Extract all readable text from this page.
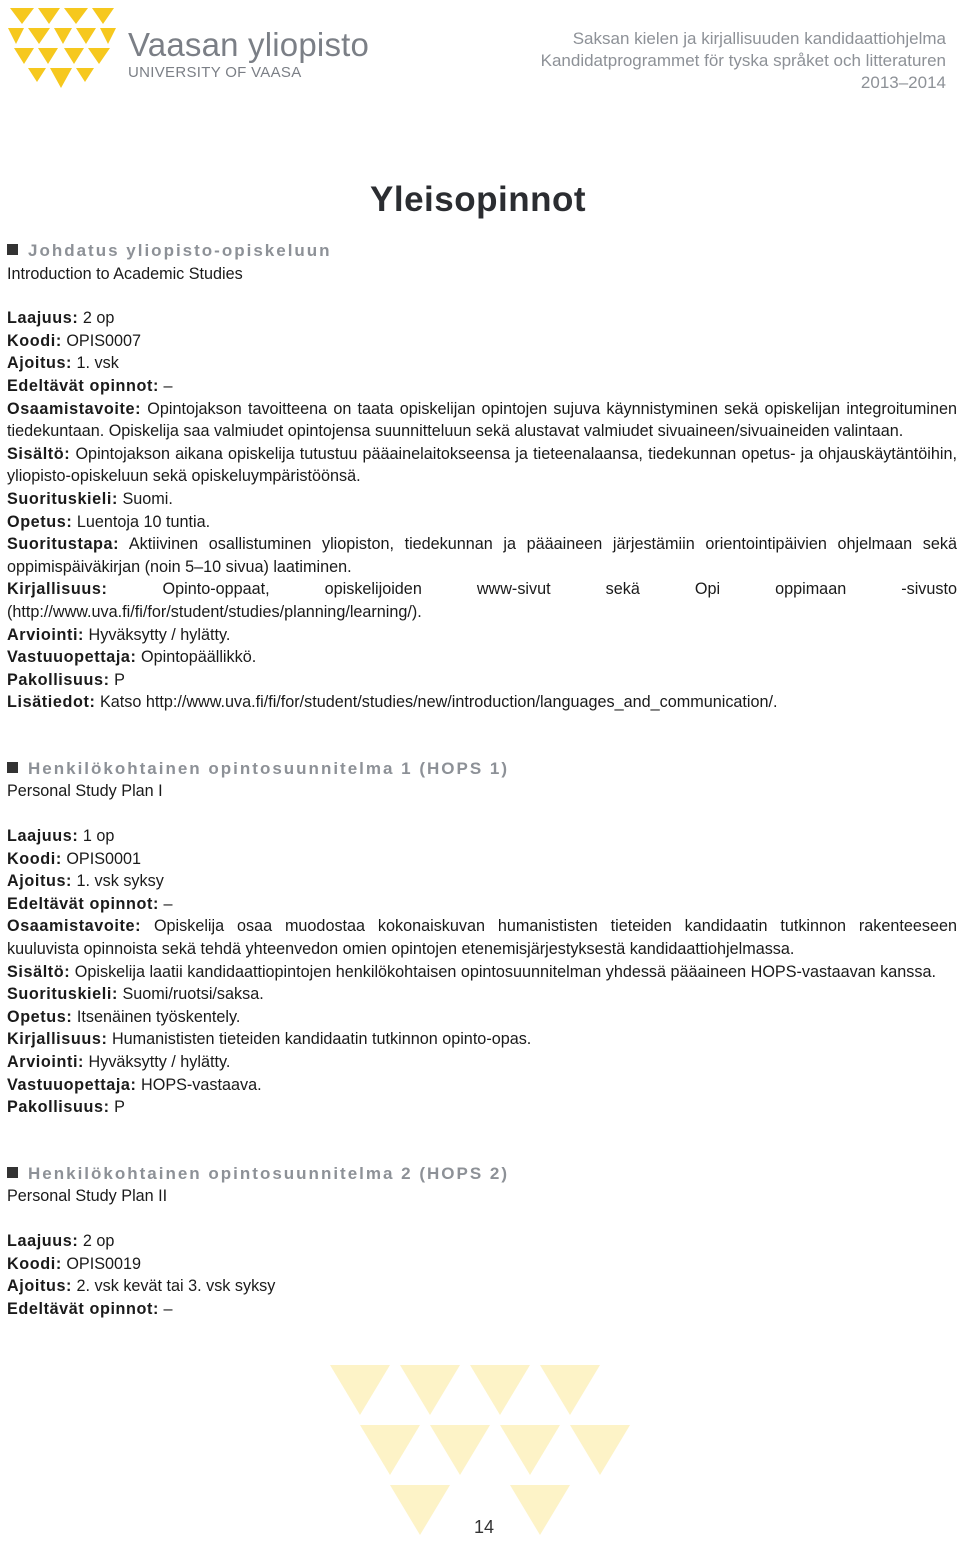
Vaasan yliopisto
UNIVERSITY OF VAASA
Saksan kielen ja kirjallisuuden kandidaattiohjelma
Kandidatprogrammet för tyska språket och litteraturen
2013–2014
Yleisopinnot
Johdatus yliopisto-opiskeluun
Introduction to Academic Studies

Laajuus: 2 op

Koodi: OPIS0007

Ajoitus: 1. vsk

Edeltävät opinnot: –

Osaamistavoite: Opintojakson tavoitteena on taata opiskelijan opintojen sujuva käynnistyminen sekä opiskelijan integroituminen tiedekuntaan. Opiskelija saa valmiudet opintojensa suunnitteluun sekä alustavat valmiudet sivuaineen/sivuaineiden valintaan.

Sisältö: Opintojakson aikana opiskelija tutustuu pääainelaitokseensa ja tieteenalaansa, tiedekunnan opetus- ja ohjauskäytäntöihin, yliopisto-opiskeluun sekä opiskeluympäristöönsä.

Suorituskieli: Suomi.

Opetus: Luentoja 10 tuntia.

Suoritustapa: Aktiivinen osallistuminen yliopiston, tiedekunnan ja pääaineen järjestämiin orientointipäivien ohjelmaan sekä oppimispäiväkirjan (noin 5–10 sivua) laatiminen.

Kirjallisuus:	Opinto-oppaat, opiskelijoiden www-sivut sekä Opi oppimaan -sivusto (http://www.uva.fi/fi/for/student/studies/planning/learning/).

Arviointi: Hyväksytty / hylätty.

Vastuuopettaja: Opintopäällikkö.

Pakollisuus: P

Lisätiedot: Katso http://www.uva.fi/fi/for/student/studies/new/introduction/languages_and_communication/.

Henkilökohtainen opintosuunnitelma 1 (HOPS 1)
Personal Study Plan I

Laajuus: 1 op

Koodi: OPIS0001

Ajoitus: 1. vsk syksy

Edeltävät opinnot: –

Osaamistavoite: Opiskelija osaa muodostaa kokonaiskuvan humanististen tieteiden kandidaatin tutkinnon rakenteeseen kuuluvista opinnoista sekä tehdä yhteenvedon omien opintojen etenemisjärjestyksestä kandidaattiohjelmassa.

Sisältö: Opiskelija laatii kandidaattiopintojen henkilökohtaisen opintosuunnitelman yhdessä pääaineen HOPS-vastaavan kanssa.

Suorituskieli: Suomi/ruotsi/saksa.

Opetus: Itsenäinen työskentely.

Kirjallisuus: Humanististen tieteiden kandidaatin tutkinnon opinto-opas.

Arviointi: Hyväksytty / hylätty.

Vastuuopettaja: HOPS-vastaava.

Pakollisuus: P

Henkilökohtainen opintosuunnitelma 2 (HOPS 2)
Personal Study Plan II

Laajuus: 2 op

Koodi: OPIS0019

Ajoitus: 2. vsk kevät tai 3. vsk syksy

Edeltävät opinnot: –

14
